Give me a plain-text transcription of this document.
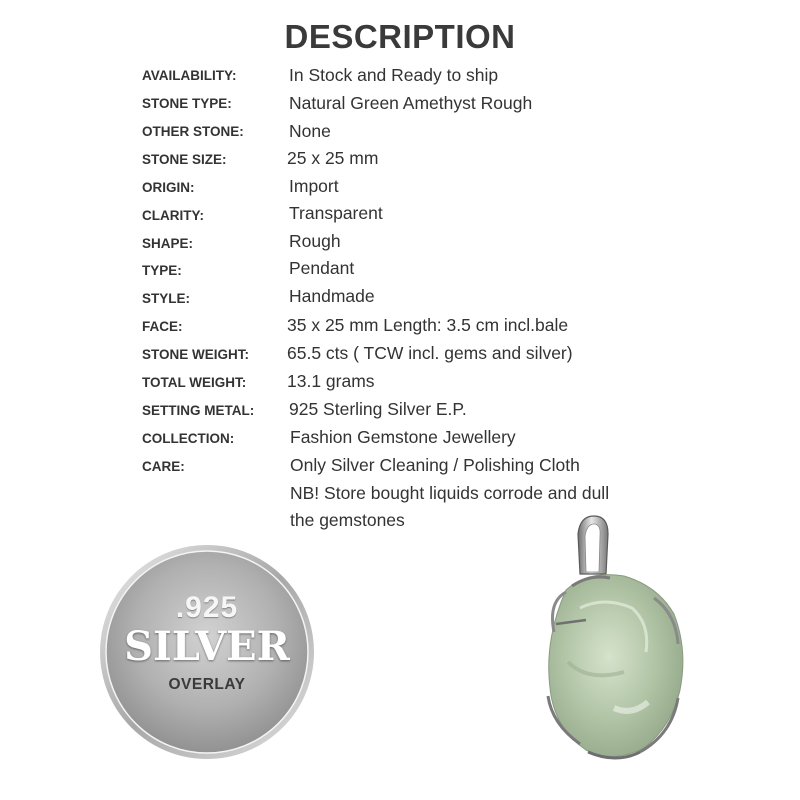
DESCRIPTION
AVAILABILITY:	In Stock and Ready to ship
STONE TYPE:	Natural Green Amethyst Rough
OTHER STONE:	None
STONE SIZE:	25 x 25 mm
ORIGIN:	Import
CLARITY:	Transparent
SHAPE:	Rough
TYPE:	Pendant
STYLE:	Handmade
FACE:	35 x 25 mm Length: 3.5 cm incl.bale
STONE WEIGHT: 65.5 cts ( TCW incl. gems and silver)
TOTAL WEIGHT: 13.1 grams
SETTING METAL: 925 Sterling Silver E.P.
COLLECTION:	Fashion Gemstone Jewellery
CARE:	Only Silver Cleaning / Polishing Cloth
NB! Store bought liquids corrode and dull
the gemstones
.925
SILVER
OVERLAY
